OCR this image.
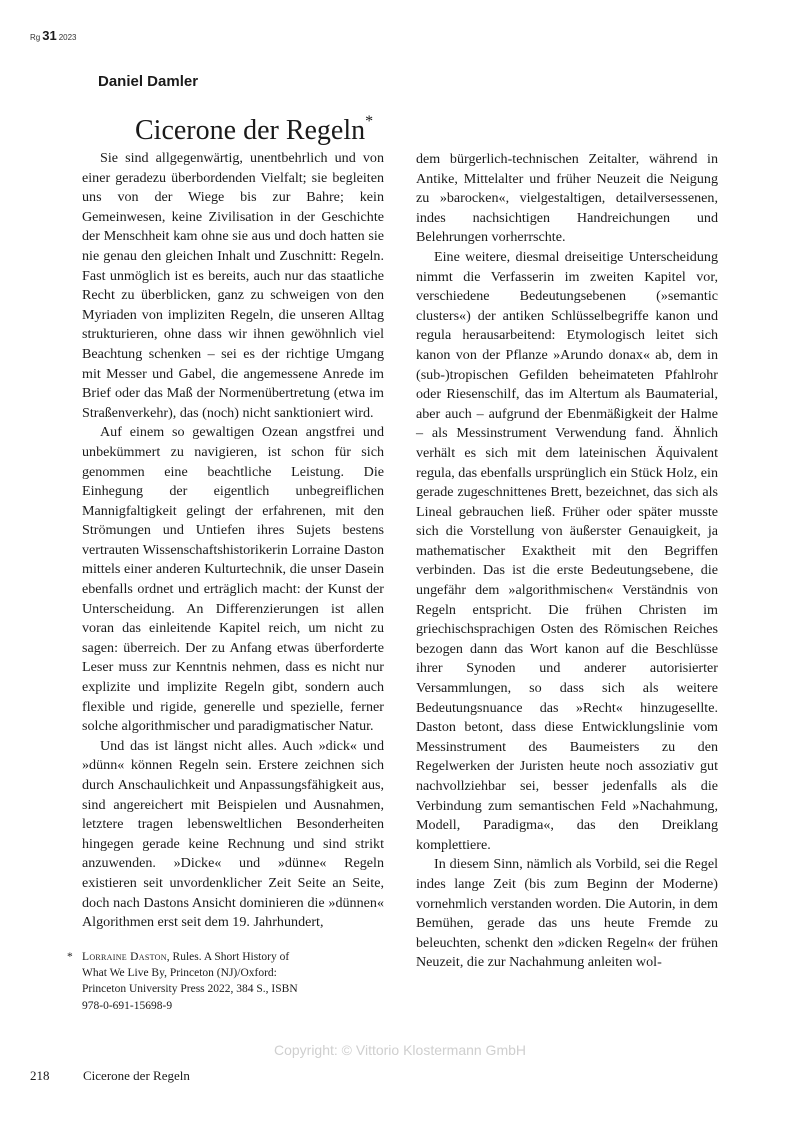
Rg 31 2023
Daniel Damler
Cicerone der Regeln*

Sie sind allgegenwärtig, unentbehrlich und von einer geradezu überbordenden Vielfalt; sie begleiten uns von der Wiege bis zur Bahre; kein Gemeinwesen, keine Zivilisation in der Geschichte der Menschheit kam ohne sie aus und doch hatten sie nie genau den gleichen Inhalt und Zuschnitt: Regeln. Fast unmöglich ist es bereits, auch nur das staatliche Recht zu überblicken, ganz zu schweigen von den Myriaden von impliziten Regeln, die unseren Alltag strukturieren, ohne dass wir ihnen gewöhnlich viel Beachtung schenken – sei es der richtige Umgang mit Messer und Gabel, die angemessene Anrede im Brief oder das Maß der Normenübertretung (etwa im Straßenverkehr), das (noch) nicht sanktioniert wird.

Auf einem so gewaltigen Ozean angstfrei und unbekümmert zu navigieren, ist schon für sich genommen eine beachtliche Leistung. Die Einhegung der eigentlich unbegreiflichen Mannigfaltigkeit gelingt der erfahrenen, mit den Strömungen und Untiefen ihres Sujets bestens vertrauten Wissenschaftshistorikerin Lorraine Daston mittels einer anderen Kulturtechnik, die unser Dasein ebenfalls ordnet und erträglich macht: der Kunst der Unterscheidung. An Differenzierungen ist allen voran das einleitende Kapitel reich, um nicht zu sagen: überreich. Der zu Anfang etwas überforderte Leser muss zur Kenntnis nehmen, dass es nicht nur explizite und implizite Regeln gibt, sondern auch flexible und rigide, generelle und spezielle, ferner solche algorithmischer und paradigmatischer Natur.

Und das ist längst nicht alles. Auch »dick« und »dünn« können Regeln sein. Erstere zeichnen sich durch Anschaulichkeit und Anpassungsfähigkeit aus, sind angereichert mit Beispielen und Ausnahmen, letztere tragen lebensweltlichen Besonderheiten hingegen gerade keine Rechnung und sind strikt anzuwenden. »Dicke« und »dünne« Regeln existieren seit unvordenklicher Zeit Seite an Seite, doch nach Dastons Ansicht dominieren die »dünnen« Algorithmen erst seit dem 19. Jahrhundert,

dem bürgerlich-technischen Zeitalter, während in Antike, Mittelalter und früher Neuzeit die Neigung zu »barocken«, vielgestaltigen, detailversessenen, indes nachsichtigen Handreichungen und Belehrungen vorherrschte.

Eine weitere, diesmal dreiseitige Unterscheidung nimmt die Verfasserin im zweiten Kapitel vor, verschiedene Bedeutungsebenen (»semantic clusters«) der antiken Schlüsselbegriffe kanon und regula herausarbeitend: Etymologisch leitet sich kanon von der Pflanze »Arundo donax« ab, dem in (sub-)tropischen Gefilden beheimateten Pfahlrohr oder Riesenschilf, das im Altertum als Baumaterial, aber auch – aufgrund der Ebenmäßigkeit der Halme – als Messinstrument Verwendung fand. Ähnlich verhält es sich mit dem lateinischen Äquivalent regula, das ebenfalls ursprünglich ein Stück Holz, ein gerade zugeschnittenes Brett, bezeichnet, das sich als Lineal gebrauchen ließ. Früher oder später musste sich die Vorstellung von äußerster Genauigkeit, ja mathematischer Exaktheit mit den Begriffen verbinden. Das ist die erste Bedeutungsebene, die ungefähr dem »algorithmischen« Verständnis von Regeln entspricht. Die frühen Christen im griechischsprachigen Osten des Römischen Reiches bezogen dann das Wort kanon auf die Beschlüsse ihrer Synoden und anderer autorisierter Versammlungen, so dass sich als weitere Bedeutungsnuance das »Recht« hinzugesellte. Daston betont, dass diese Entwicklungslinie vom Messinstrument des Baumeisters zu den Regelwerken der Juristen heute noch assoziativ gut nachvollziehbar sei, besser jedenfalls als die Verbindung zum semantischen Feld »Nachahmung, Modell, Paradigma«, das den Dreiklang komplettiere.

In diesem Sinn, nämlich als Vorbild, sei die Regel indes lange Zeit (bis zum Beginn der Moderne) vornehmlich verstanden worden. Die Autorin, in dem Bemühen, gerade das uns heute Fremde zu beleuchten, schenkt den »dicken Regeln« der frühen Neuzeit, die zur Nachahmung anleiten wol-

* Lorraine Daston, Rules. A Short History of What We Live By, Princeton (NJ)/Oxford: Princeton University Press 2022, 384 S., ISBN 978-0-691-15698-9
Copyright: © Vittorio Klostermann GmbH
218	Cicerone der Regeln
